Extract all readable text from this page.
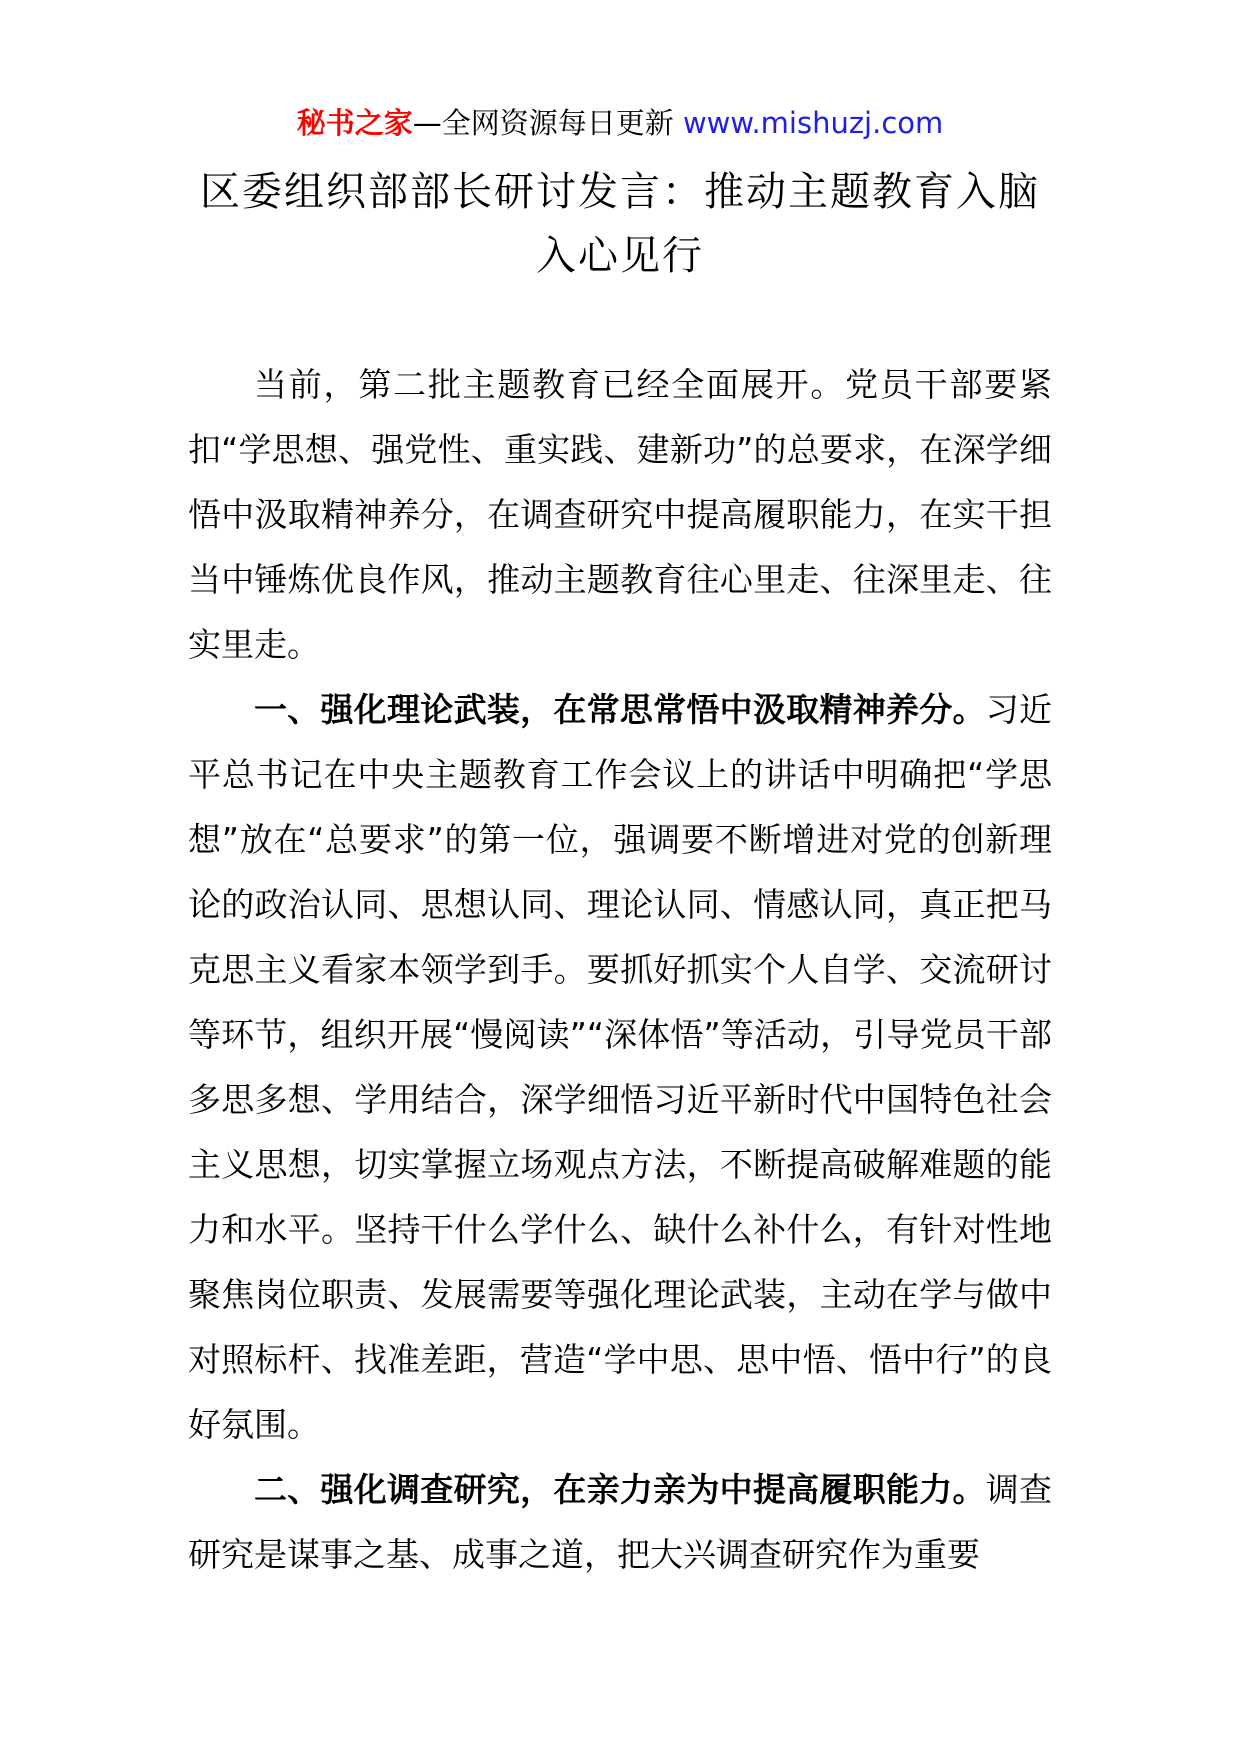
秘书之家—全网资源每日更新 www.mishuzj.com
区委组织部部长研讨发言：推动主题教育入脑
入心见行

当前，第二批主题教育已经全面展开。党员干部要紧扣“学思想、强党性、重实践、建新功”的总要求，在深学细悟中汲取精神养分，在调查研究中提高履职能力，在实干担当中锤炼优良作风，推动主题教育往心里走、往深里走、往实里走。

一、强化理论武装，在常思常悟中汲取精神养分。习近平总书记在中央主题教育工作会议上的讲话中明确把“学思想”放在“总要求”的第一位，强调要不断增进对党的创新理论的政治认同、思想认同、理论认同、情感认同，真正把马克思主义看家本领学到手。要抓好抓实个人自学、交流研讨等环节，组织开展“慢阅读”“深体悟”等活动，引导党员干部多思多想、学用结合，深学细悟习近平新时代中国特色社会主义思想，切实掌握立场观点方法，不断提高破解难题的能力和水平。坚持干什么学什么、缺什么补什么，有针对性地聚焦岗位职责、发展需要等强化理论武装，主动在学与做中对照标杆、找准差距，营造“学中思、思中悟、悟中行”的良好氛围。

二、强化调查研究，在亲力亲为中提高履职能力。调查研究是谋事之基、成事之道，把大兴调查研究作为重要
